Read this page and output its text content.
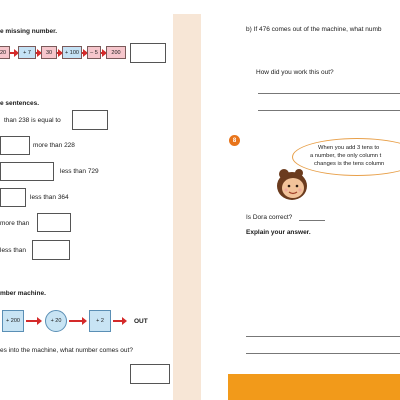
e missing number.
20	+ 7	30	+ 100	– 5	200
e sentences.
than 238 is equal to
more than 228
less than 729
less than 364
more than
less than
mber machine.
+ 200	+ 20	+ 2	OUT
es into the machine, what number comes out?
b) If 476 comes out of the machine, what numb
How did you work this out?
8
When you add 3 tens to
a number, the only column t
changes is the tens column
Is Dora correct?
Explain your answer.
